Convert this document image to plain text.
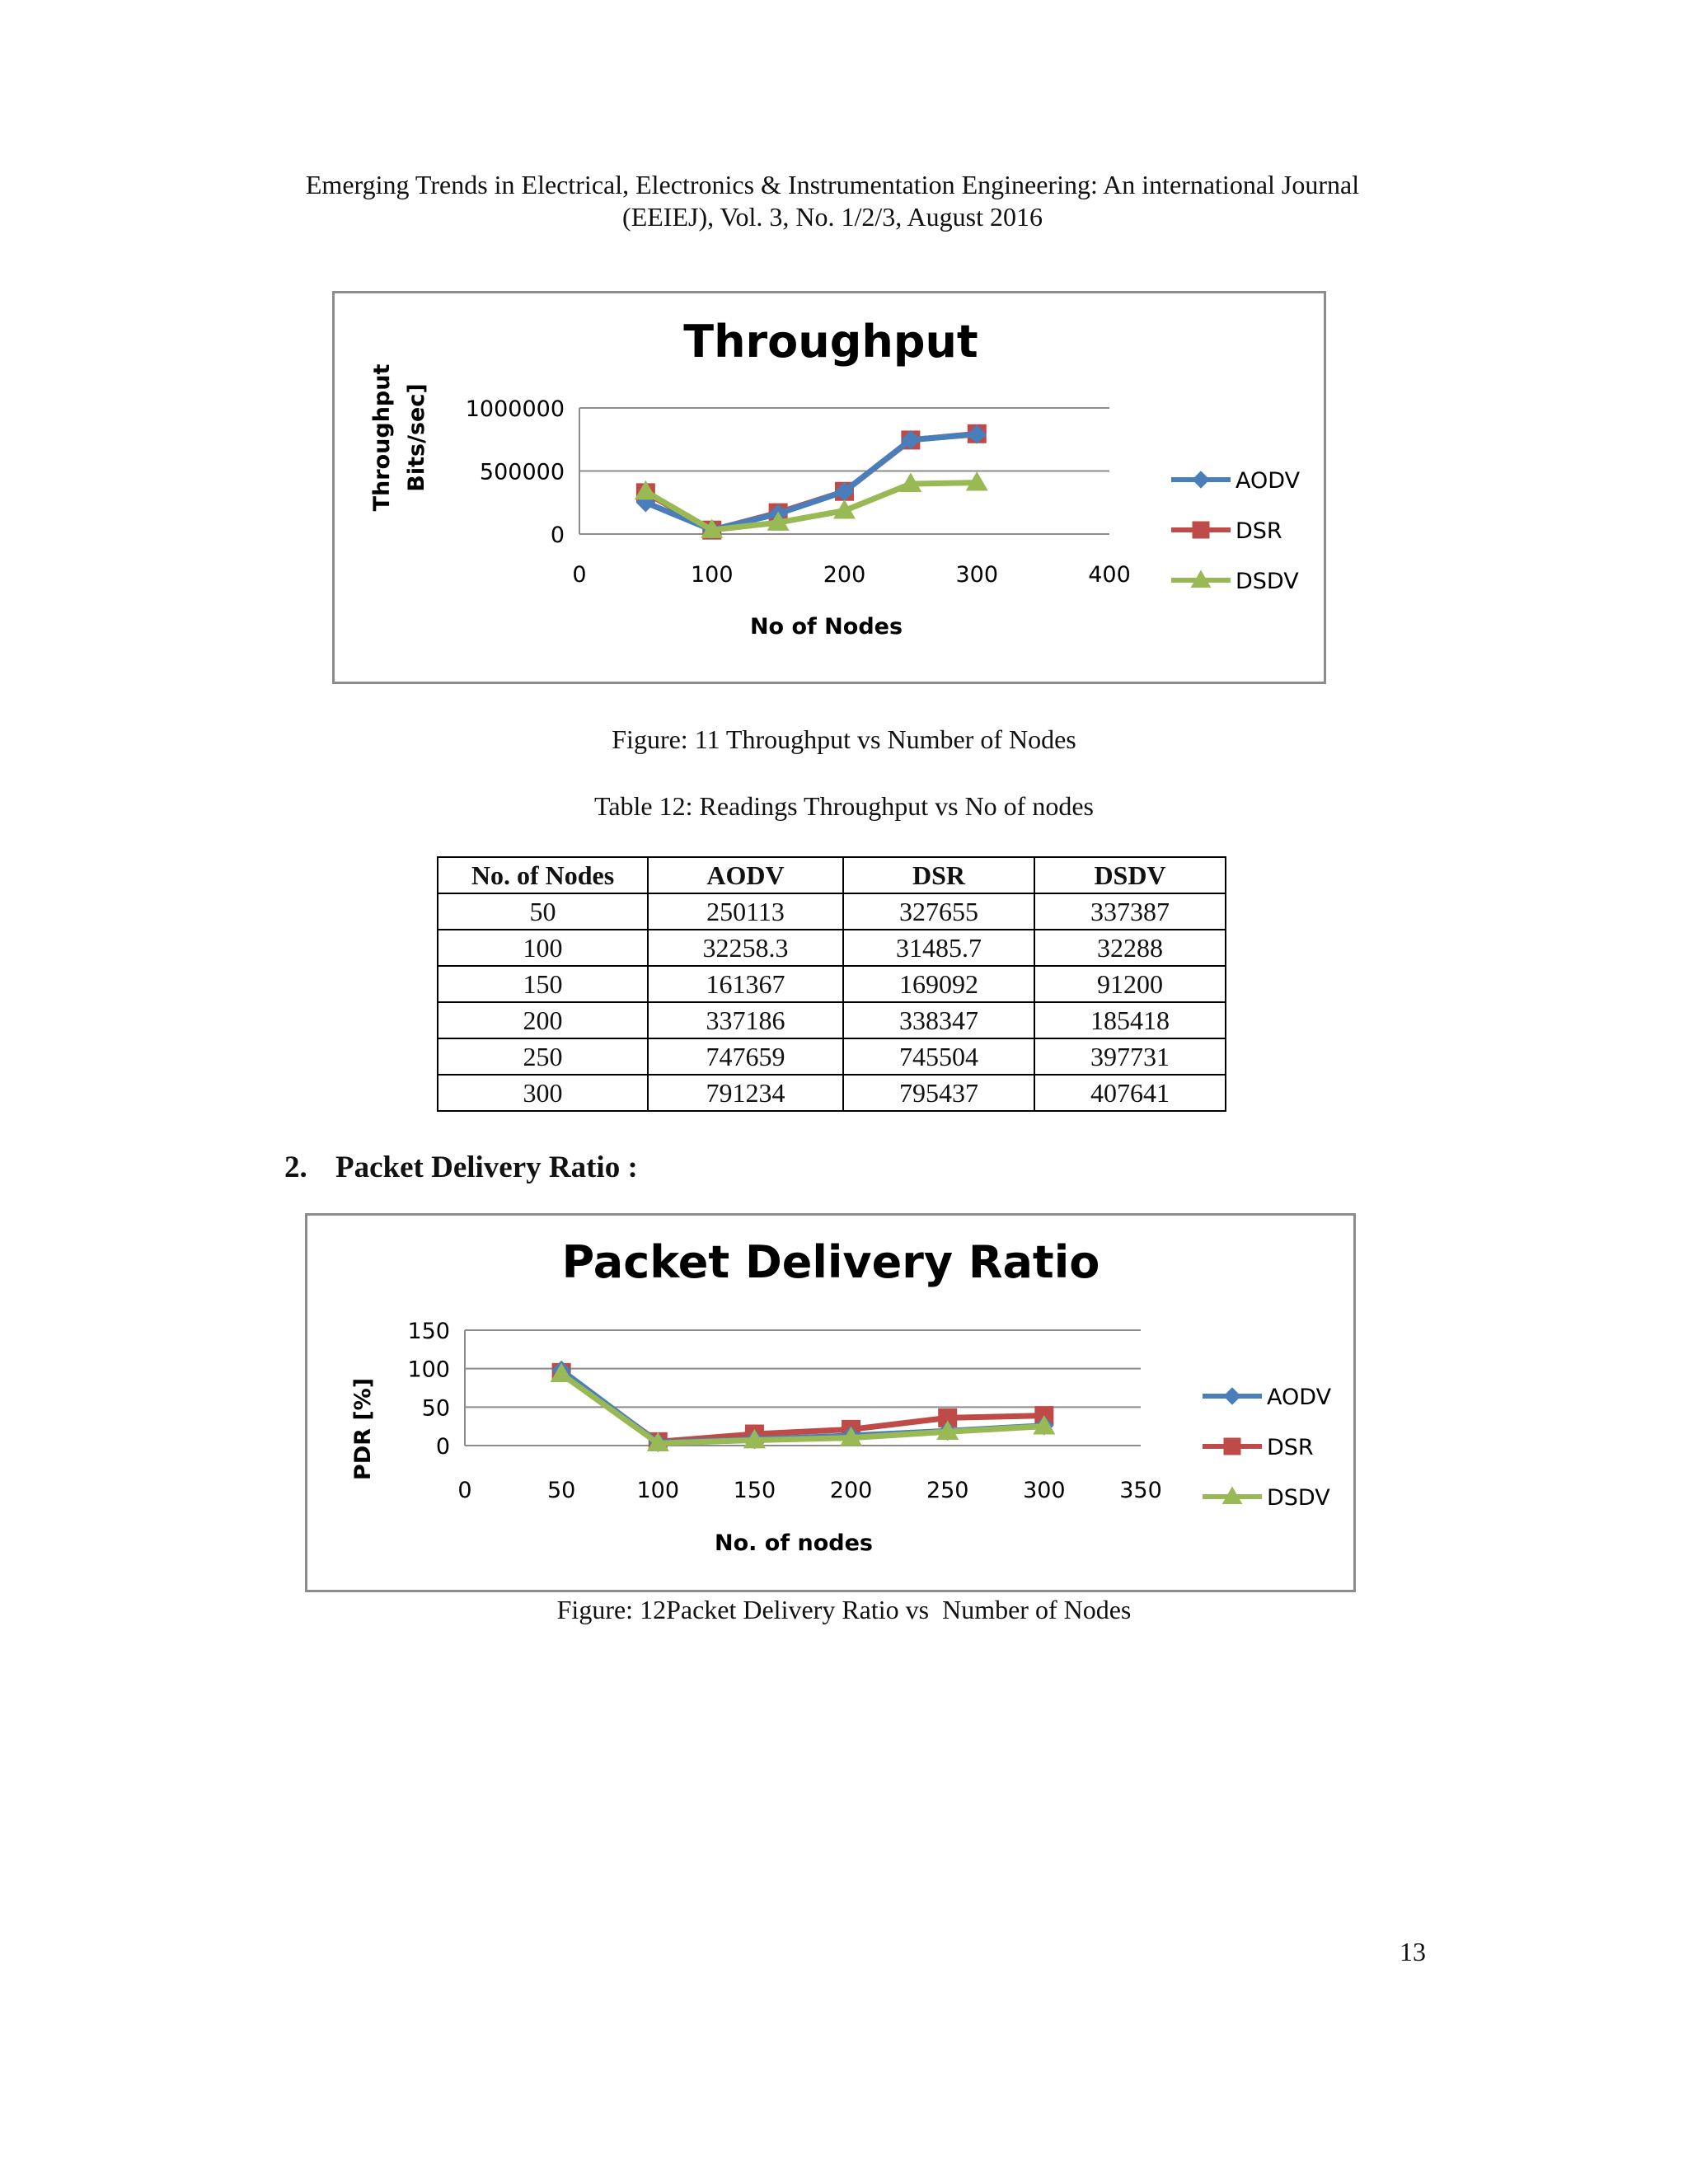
Emerging Trends in Electrical, Electronics & Instrumentation Engineering: An international Journal
(EEIEJ), Vol. 3, No. 1/2/3, August 2016
Throughput
0
500000
1000000
0	100	200	300	400
No of Nodes
Throughput Bits/sec]	AODV
DSR
DSDV
Figure: 11 Throughput vs Number of Nodes
Table 12: Readings Throughput vs No of nodes
No. of Nodes	AODV	DSR	DSDV
50	250113	327655	337387
100	32258.3	31485.7	32288
150	161367	169092	91200
200	337186	338347	185418
250	747659	745504	397731
300	791234	795437	407641
2. Packet Delivery Ratio :
Packet Delivery Ratio
0
50
100
150
0	50	100 150 200 250 300 350
No. of nodes
PDR [%]	AODV
DSR
DSDV
Figure: 12Packet Delivery Ratio vs  Number of Nodes
13
